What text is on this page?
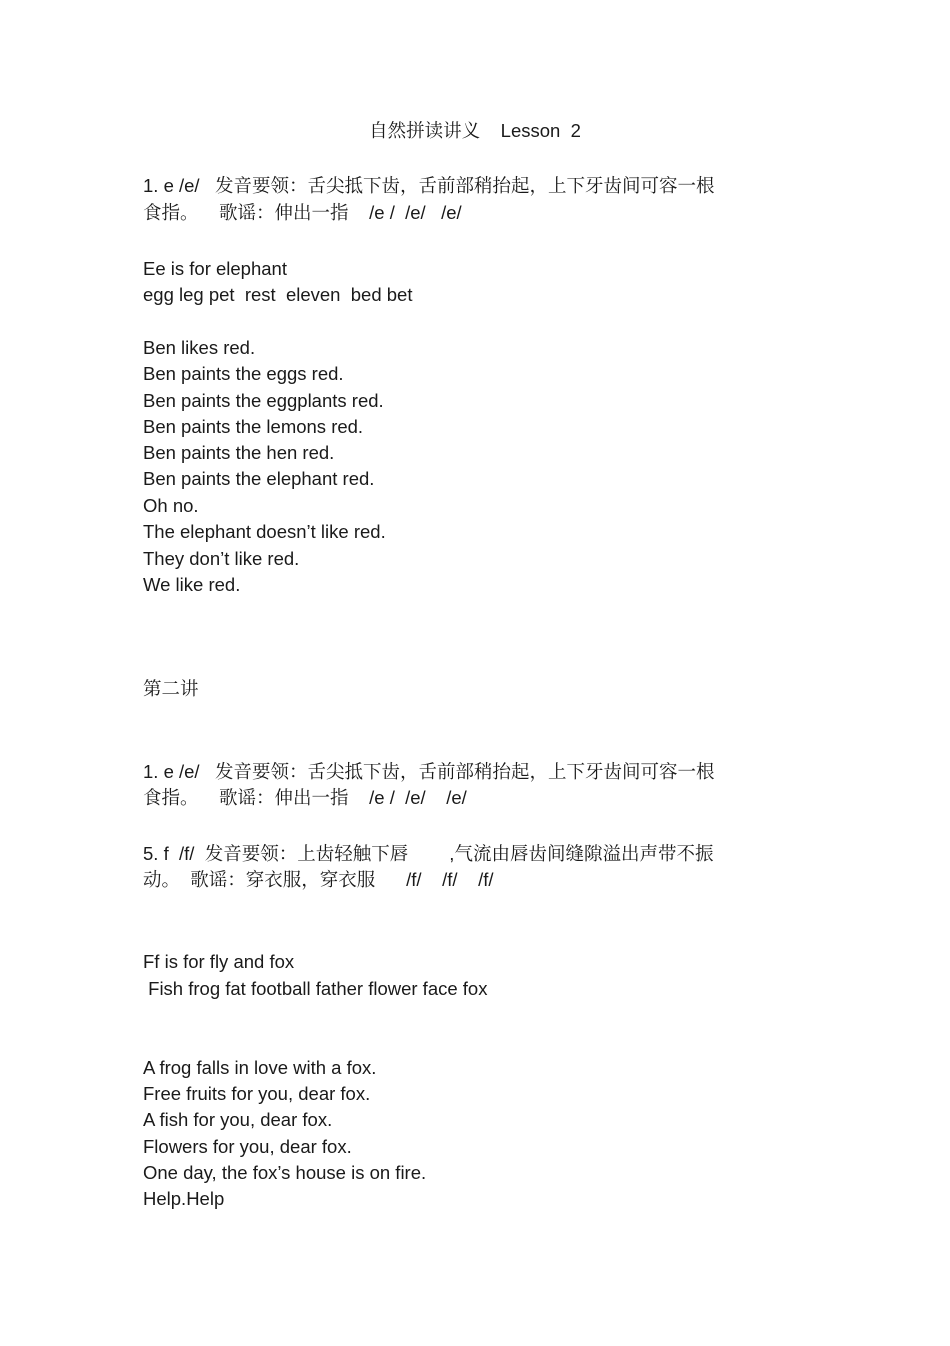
自然拼读讲义    Lesson  2

1. e /e/   发音要领：舌尖抵下齿，舌前部稍抬起，上下牙齿间可容一根

食指。    歌谣：伸出一指    /e /  /e/   /e/

Ee is for elephant

egg leg pet  rest  eleven  bed bet

Ben likes red.

Ben paints the eggs red.

Ben paints the eggplants red.

Ben paints the lemons red.

Ben paints the hen red.

Ben paints the elephant red.

Oh no.

The elephant doesn’t like red.

They don’t like red.

We like red.

第二讲

1. e /e/   发音要领：舌尖抵下齿，舌前部稍抬起，上下牙齿间可容一根

食指。    歌谣：伸出一指    /e /  /e/    /e/

5. f  /f/  发音要领：上齿轻触下唇        ,气流由唇齿间缝隙溢出声带不振

动。  歌谣：穿衣服，穿衣服      /f/    /f/    /f/

Ff is for fly and fox

Fish frog fat football father flower face fox

A frog falls in love with a fox.

Free fruits for you, dear fox.

A fish for you, dear fox.

Flowers for you, dear fox.

One day, the fox’s house is on fire.

Help.Help
